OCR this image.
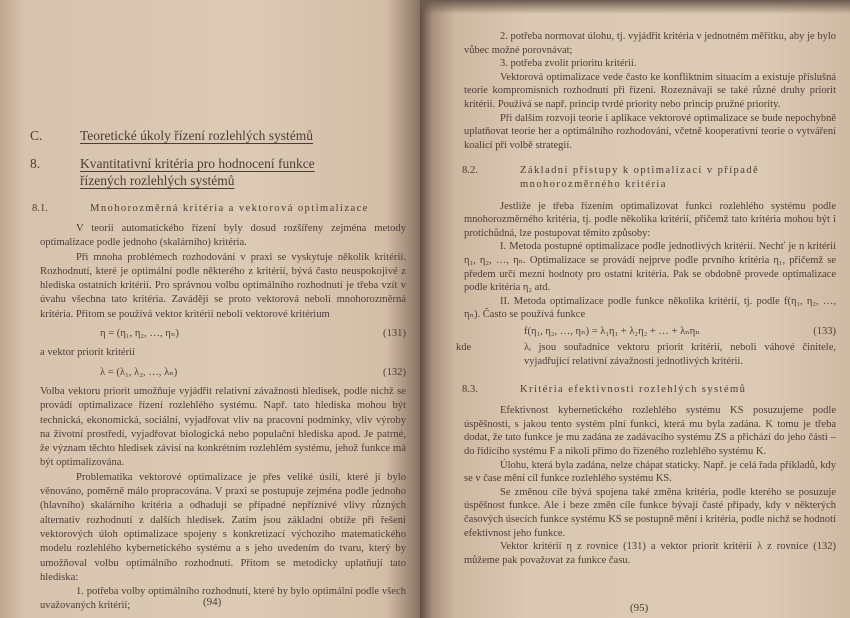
C.	Teoretické úkoly řízení rozlehlých systémů
8.	Kvantitativní kritéria pro hodnocení funkce
řízených rozlehlých systémů
8.1.	Mnohorozměrná kritéria a vektorová optimalizace

V teorii automatického řízení byly dosud rozšířeny zejména metody optimalizace podle jednoho (skalárního) kritéria.

Při mnoha problémech rozhodování v praxi se vyskytuje několik kritérií. Rozhodnutí, které je optimální podle některého z kritérií, bývá často neuspokojivé z hlediska ostatních kritérií. Pro správnou volbu optimálního rozhodnutí je třeba vzít v úvahu všechna tato kritéria. Zavádějí se proto vektorová neboli mnohorozměrná kritéria. Přitom se používá vektor kritérií neboli vektorové kritérium

η = (η₁, η₂, …, ηₙ)	(131)

a vektor priorit kritérií

λ = (λ₁, λ₂, …, λₙ)	(132)

Volba vektoru priorit umožňuje vyjádřit relativní závažnosti hledisek, podle nichž se provádí optimalizace řízení rozlehlého systému. Např. tato hlediska mohou být technická, ekonomická, sociální, vyjadřovat vliv na pracovní podmínky, vliv výroby na životní prostředí, vyjadřovat biologická nebo populační hlediska apod. Je patrné, že význam těchto hledisek závisí na konkrétním rozlehlém systému, jehož funkce má být optimalizována.

Problematika vektorové optimalizace je přes veliké úsilí, které jí bylo věnováno, poměrně málo propracována. V praxi se postupuje zejména podle jednoho (hlavního) skalárního kritéria a odhadují se případné nepříznivé vlivy různých alternativ rozhodnutí z dalších hledisek. Zatím jsou základní obtíže při řešení vektorových úloh optimalizace spojeny s konkretizací výchozího matematického modelu rozlehlého kybernetického systému a s jeho uvedením do tvaru, který by umožňoval volbu optimálního rozhodnutí. Přitom se metodicky uplatňují tato hlediska:

1. potřeba volby optimálního rozhodnutí, které by bylo optimální podle všech uvažovaných kritérií;	(94)

2. potřeba normovat úlohu, tj. vyjádřit kritéria v jednotném měřítku, aby je bylo vůbec možné porovnávat;

3. potřeba zvolit prioritu kritérií.

Vektorová optimalizace vede často ke konfliktním situacím a existuje příslušná teorie kompromisních rozhodnutí při řízení. Rozeznávají se také různé druhy priorit kritérií. Používá se např. princip tvrdé priority nebo princip pružné priority.

Při dalším rozvoji teorie i aplikace vektorové optimalizace se bude nepochybně uplatňovat teorie her a optimálního rozhodování, včetně kooperativní teorie o vytváření koalicí při volbě strategií.

8.2.	Základní přístupy k optimalizaci v případě mnohorozměrného kritéria

Jestliže je třeba řízením optimalizovat funkci rozlehlého systému podle mnohorozměrného kritéria, tj. podle několika kritérií, přičemž tato kritéria mohou být i protichůdná, lze postupovat těmito způsoby:

I. Metoda postupné optimalizace podle jednotlivých kritérií. Nechť je n kritérií η₁, η₂, …, ηₙ. Optimalizace se provádí nejprve podle prvního kritéria η₁, přičemž se předem určí mezní hodnoty pro ostatní kritéria. Pak se obdobně provede optimalizace podle kritéria η₂ atd.

II. Metoda optimalizace podle funkce několika kritérií, tj. podle f(η₁, η₂, …, ηₙ). Často se používá funkce

f(η₁, η₂, …, ηₙ) = λ₁η₁ + λ₂η₂ + … + λₙηₙ	(133)
kde	λᵢ jsou souřadnice vektoru priorit kritérií, neboli váhové činitele, vyjadřující relativní závažnosti jednotlivých kritérií.
8.3.	Kritéria efektivnosti rozlehlých systémů

Efektivnost kybernetického rozlehlého systému KS posuzujeme podle úspěšnosti, s jakou tento systém plní funkci, která mu byla zadána. K tomu je třeba dodat, že tato funkce je mu zadána ze zadávacího systému ZS a přichází do jeho části – do řídicího systému F a nikoli přímo do řízeného rozlehlého systému K.

Úlohu, která byla zadána, nelze chápat staticky. Např. je celá řada příkladů, kdy se v čase mění cíl funkce rozlehlého systému KS.

Se změnou cíle bývá spojena také změna kritéria, podle kterého se posuzuje úspěšnost funkce. Ale i beze změn cíle funkce bývají časté případy, kdy v některých časových úsecích funkce systému KS se postupně mění i kritéria, podle nichž se hodnotí efektivnost jeho funkce.

Vektor kritérií η z rovnice (131) a vektor priorit kritérií λ z rovnice (132) můžeme pak považovat za funkce času.

(95)
